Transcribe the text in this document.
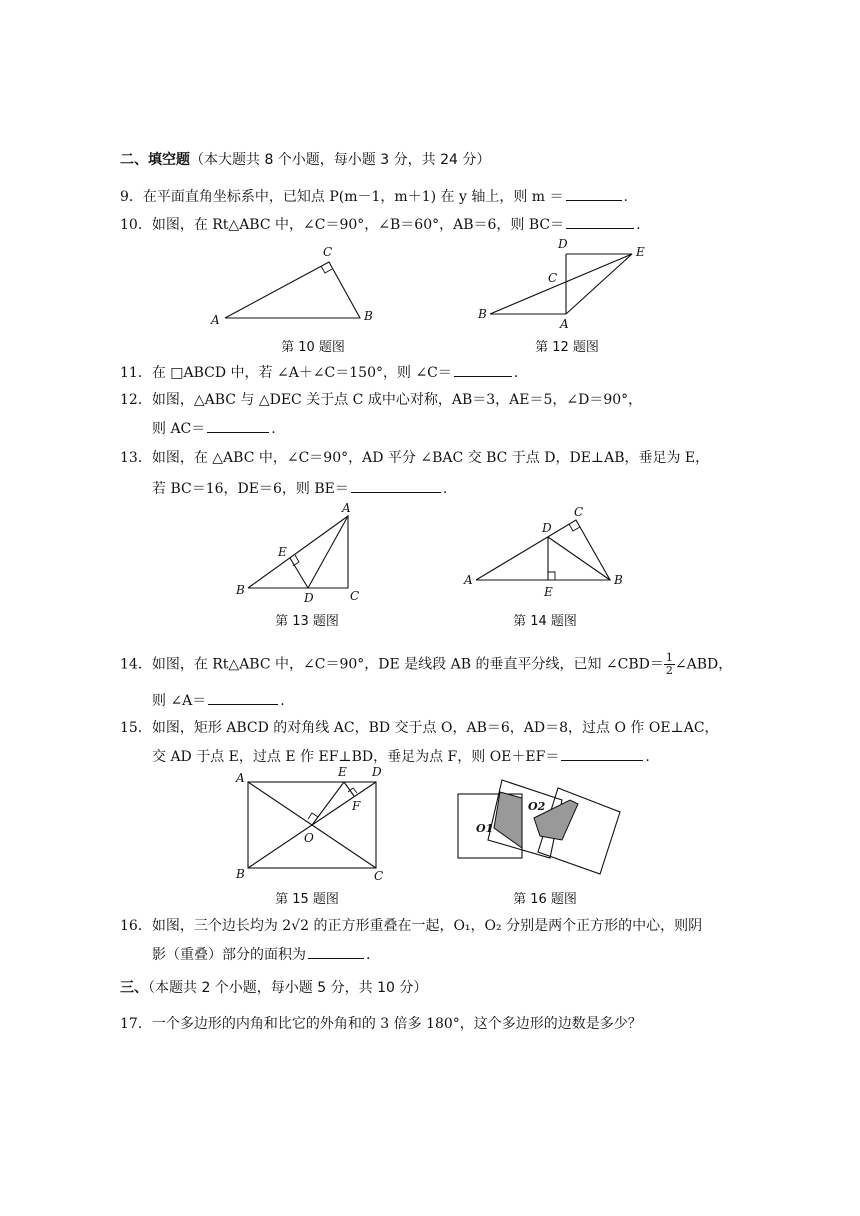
二、填空题（本大题共 8 个小题，每小题 3 分，共 24 分）
9．在平面直角坐标系中，已知点 P(m－1，m＋1) 在 y 轴上，则 m ＝	.
10．如图，在 Rt△ABC 中，∠C＝90°，∠B＝60°，AB＝6，则 BC＝	.
A	B
C
第 10 题图
D
E
C
B
A
第 12 题图
11．在 □ABCD 中，若 ∠A＋∠C＝150°，则 ∠C＝	.
12．如图，△ABC 与 △DEC 关于点 C 成中心对称，AB＝3，AE＝5，∠D＝90°，
则 AC＝	.
13．如图，在 △ABC 中，∠C＝90°，AD 平分 ∠BAC 交 BC 于点 D，DE⊥AB，垂足为 E，
若 BC＝16，DE＝6，则 BE＝	.
A
E
B
D	C
第 13 题图
D
C
A
E
B
第 14 题图
14．如图，在 Rt△ABC 中，∠C＝90°，DE 是线段 AB 的垂直平分线，已知 ∠CBD＝ $\frac{1}{2}$ ∠ABD，
则 ∠A＝	.
15．如图，矩形 ABCD 的对角线 AC，BD 交于点 O，AB＝6，AD＝8，过点 O 作 OE⊥AC，
交 AD 于点 E，过点 E 作 EF⊥BD，垂足为点 F，则 OE＋EF＝	.
A	E D
F
O
B	C
第 15 题图
O1
O2
第 16 题图
16．如图，三个边长均为 2√2 的正方形重叠在一起，O₁，O₂ 分别是两个正方形的中心，则阴
影（重叠）部分的面积为	.
三、（本题共 2 个小题，每小题 5 分，共 10 分）
17．一个多边形的内角和比它的外角和的 3 倍多 180°，这个多边形的边数是多少？
